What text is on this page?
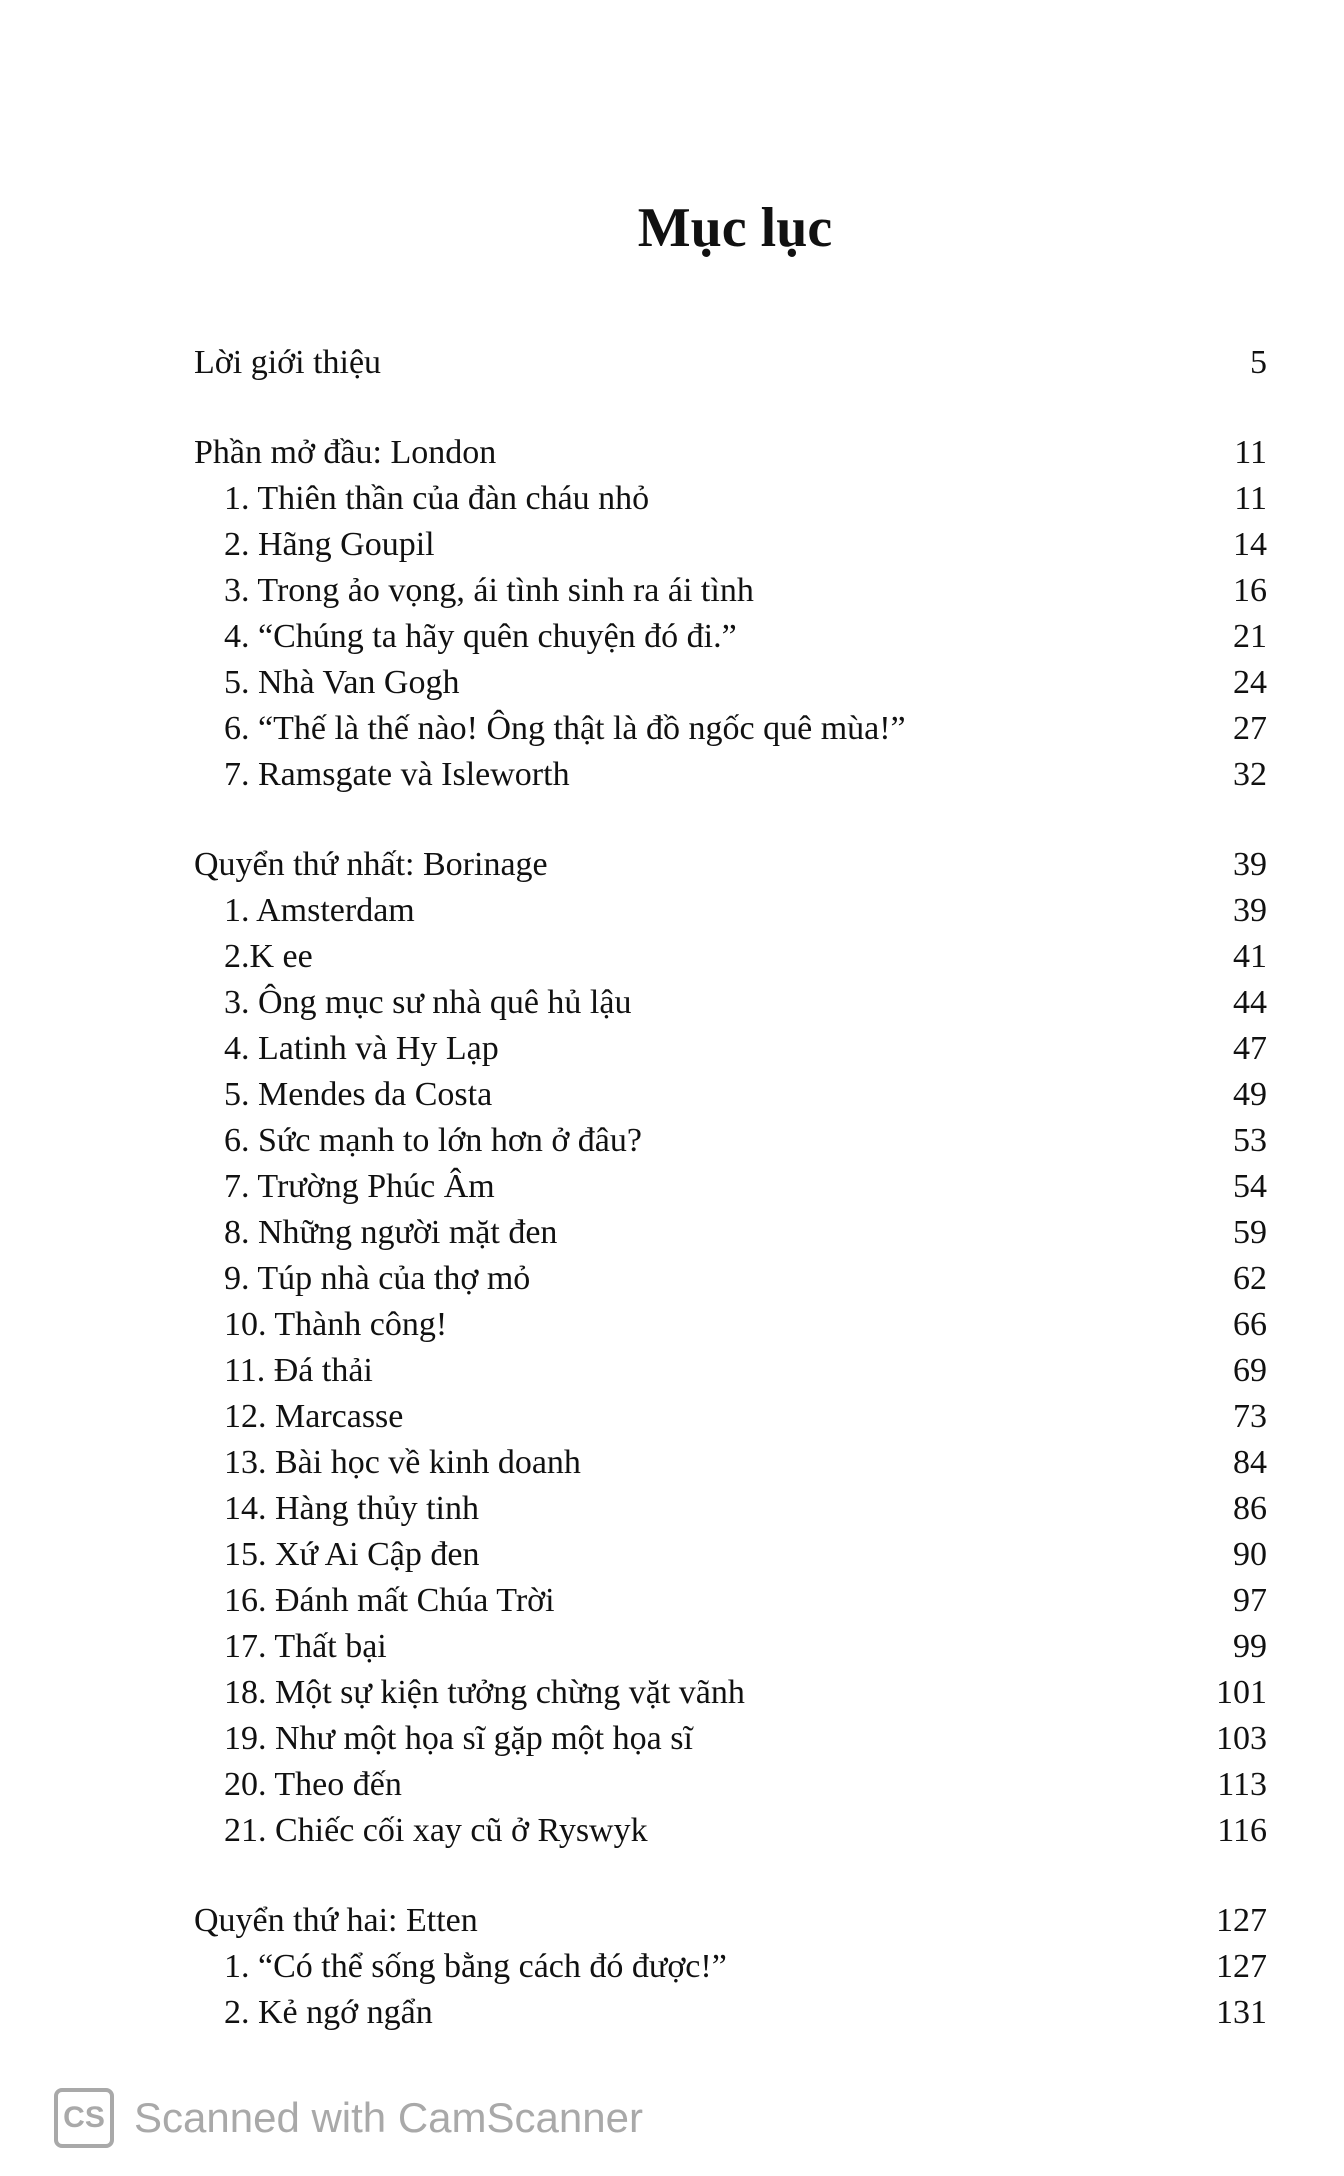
Mục lục
Lời giới thiệu	5
Phần mở đầu: London	11
1. Thiên thần của đàn cháu nhỏ	11
2. Hãng Goupil	14
3. Trong ảo vọng, ái tình sinh ra ái tình	16
4. “Chúng ta hãy quên chuyện đó đi.”	21
5. Nhà Van Gogh	24
6. “Thế là thế nào! Ông thật là đồ ngốc quê mùa!”	27
7. Ramsgate và Isleworth	32
Quyển thứ nhất: Borinage	39
1. Amsterdam	39
2.K ee	41
3. Ông mục sư nhà quê hủ lậu	44
4. Latinh và Hy Lạp	47
5. Mendes da Costa	49
6. Sức mạnh to lớn hơn ở đâu?	53
7. Trường Phúc Âm	54
8. Những người mặt đen	59
9. Túp nhà của thợ mỏ	62
10. Thành công!	66
11. Đá thải	69
12. Marcasse	73
13. Bài học về kinh doanh	84
14. Hàng thủy tinh	86
15. Xứ Ai Cập đen	90
16. Đánh mất Chúa Trời	97
17. Thất bại	99
18. Một sự kiện tưởng chừng vặt vãnh	101
19. Như một họa sĩ gặp một họa sĩ	103
20. Theo đến	113
21. Chiếc cối xay cũ ở Ryswyk	116
Quyển thứ hai: Etten	127
1. “Có thể sống bằng cách đó được!”	127
2. Kẻ ngớ ngẩn	131
CS Scanned with CamScanner
